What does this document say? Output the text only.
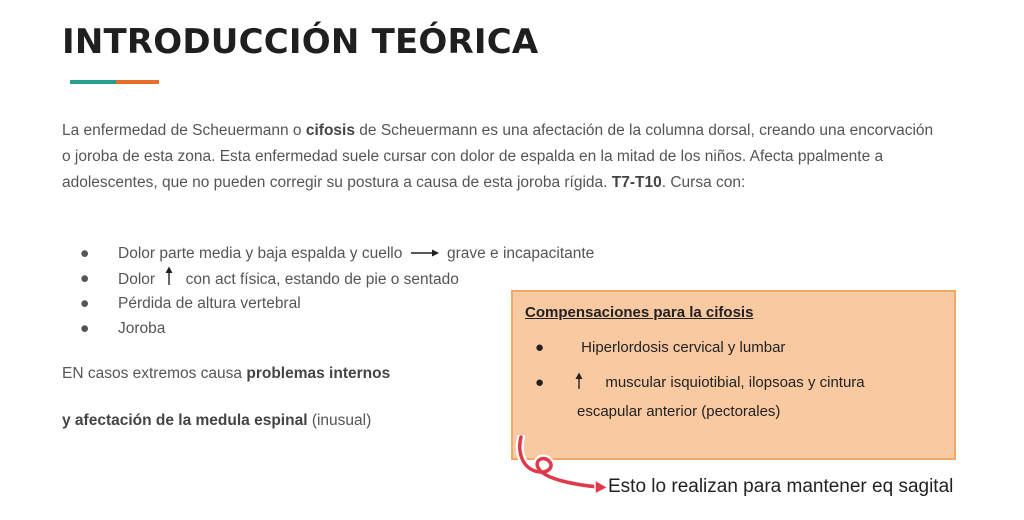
INTRODUCCIÓN TEÓRICA
La enfermedad de Scheuermann o cifosis de Scheuermann es una afectación de la columna dorsal, creando una encorvación o joroba de esta zona. Esta enfermedad suele cursar con dolor de espalda en la mitad de los niños. Afecta ppalmente a adolescentes, que no pueden corregir su postura a causa de esta joroba rígida. T7-T10. Cursa con:
● Dolor parte media y baja espalda y cuello	grave e incapacitante
● Dolor con act física, estando de pie o sentado
● Pérdida de altura vertebral
● Joroba
EN casos extremos causa problemas internos
y afectación de la medula espinal (inusual)
Compensaciones para la cifosis
● Hiperlordosis cervical y lumbar
●	muscular isquiotibial, ilopsoas y cintura
escapular anterior (pectorales)
Esto lo realizan para mantener eq sagital
